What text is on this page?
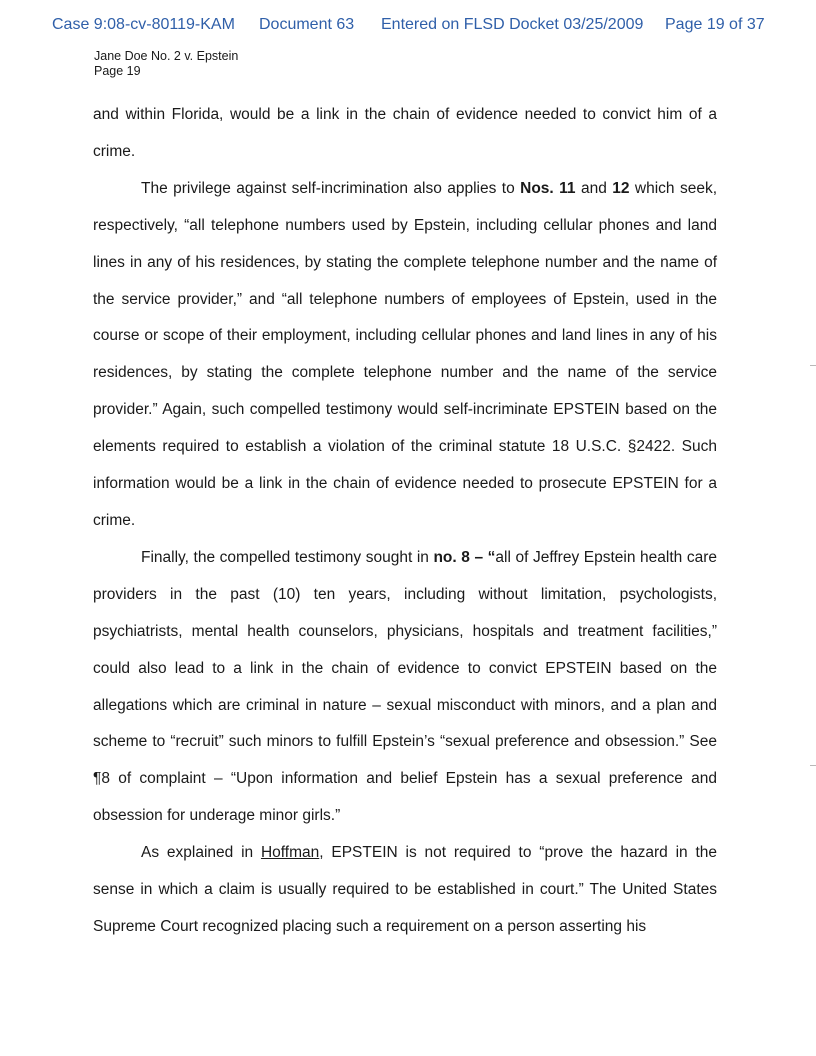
Case 9:08-cv-80119-KAM Document 63 Entered on FLSD Docket 03/25/2009 Page 19 of 37
Jane Doe No. 2 v. Epstein
Page 19

and within Florida, would be a link in the chain of evidence needed to convict him of a crime.

The privilege against self-incrimination also applies to Nos. 11 and 12 which seek, respectively, “all telephone numbers used by Epstein, including cellular phones and land lines in any of his residences, by stating the complete telephone number and the name of the service provider,” and “all telephone numbers of employees of Epstein, used in the course or scope of their employment, including cellular phones and land lines in any of his residences, by stating the complete telephone number and the name of the service provider.” Again, such compelled testimony would self-incriminate EPSTEIN based on the elements required to establish a violation of the criminal statute 18 U.S.C. §2422. Such information would be a link in the chain of evidence needed to prosecute EPSTEIN for a crime.

Finally, the compelled testimony sought in no. 8 – “all of Jeffrey Epstein health care providers in the past (10) ten years, including without limitation, psychologists, psychiatrists, mental health counselors, physicians, hospitals and treatment facilities,” could also lead to a link in the chain of evidence to convict EPSTEIN based on the allegations which are criminal in nature – sexual misconduct with minors, and a plan and scheme to “recruit” such minors to fulfill Epstein’s “sexual preference and obsession.” See ¶8 of complaint – “Upon information and belief Epstein has a sexual preference and obsession for underage minor girls.”

As explained in Hoffman, EPSTEIN is not required to “prove the hazard in the sense in which a claim is usually required to be established in court.” The United States Supreme Court recognized placing such a requirement on a person asserting his
